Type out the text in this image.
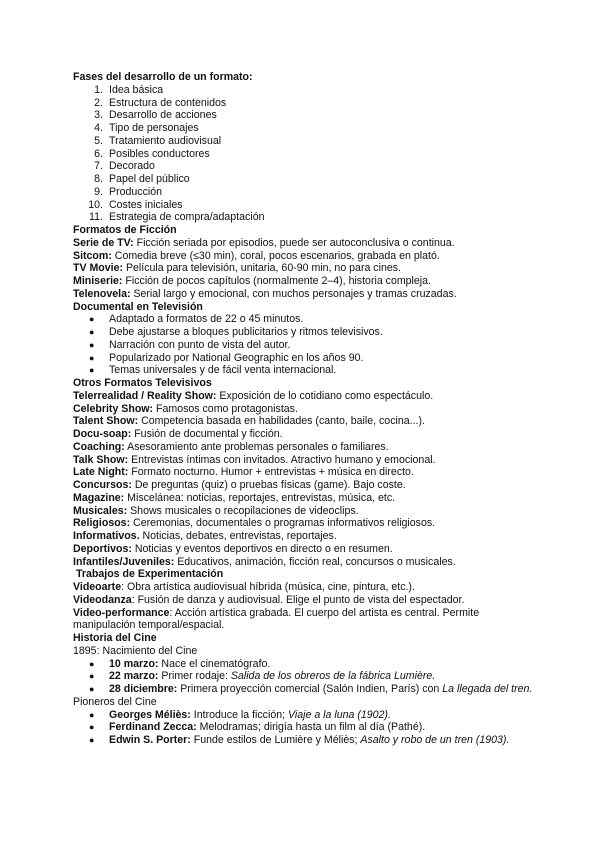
Fases del desarrollo de un formato:
1. Idea básica
2. Estructura de contenidos
3. Desarrollo de acciones
4. Tipo de personajes
5. Tratamiento audiovisual
6. Posibles conductores
7. Decorado
8. Papel del público
9. Producción
10. Costes iniciales
11. Estrategia de compra/adaptación
Formatos de Ficción
Serie de TV: Ficción seriada por episodios, puede ser autoconclusiva o continua.
Sitcom: Comedia breve (≤30 min), coral, pocos escenarios, grabada en plató.
TV Movie: Película para televisión, unitaria, 60-90 min, no para cines.
Miniserie: Ficción de pocos capítulos (normalmente 2–4), historia compleja.
Telenovela: Serial largo y emocional, con muchos personajes y tramas cruzadas.
Documental en Televisión
● Adaptado a formatos de 22 o 45 minutos.
● Debe ajustarse a bloques publicitarios y ritmos televisivos.
● Narración con punto de vista del autor.
● Popularizado por National Geographic en los años 90.
● Temas universales y de fácil venta internacional.
Otros Formatos Televisivos
Telerrealidad / Reality Show: Exposición de lo cotidiano como espectáculo.
Celebrity Show: Famosos como protagonistas.
Talent Show: Competencia basada en habilidades (canto, baile, cocina...).
Docu-soap: Fusión de documental y ficción.
Coaching: Asesoramiento ante problemas personales o familiares.
Talk Show: Entrevistas íntimas con invitados. Atractivo humano y emocional.
Late Night: Formato nocturno. Humor + entrevistas + música en directo.
Concursos: De preguntas (quiz) o pruebas físicas (game). Bajo coste.
Magazine: Miscelánea: noticias, reportajes, entrevistas, música, etc.
Musicales: Shows musicales o recopilaciones de videoclips.
Religiosos: Ceremonias, documentales o programas informativos religiosos.
Informativos. Noticias, debates, entrevistas, reportajes.
Deportivos: Noticias y eventos deportivos en directo o en resumen.
Infantiles/Juveniles: Educativos, animación, ficción real, concursos o musicales.
Trabajos de Experimentación
Videoarte: Obra artística audiovisual híbrida (música, cine, pintura, etc.).
Videodanza: Fusión de danza y audiovisual. Elige el punto de vista del espectador.
Video-performance: Acción artística grabada. El cuerpo del artista es central. Permite manipulación temporal/espacial.
Historia del Cine
1895: Nacimiento del Cine
● 10 marzo: Nace el cinematógrafo.
● 22 marzo: Primer rodaje: Salida de los obreros de la fábrica Lumière.
● 28 diciembre: Primera proyección comercial (Salón Indien, París) con La llegada del tren.
Pioneros del Cine
● Georges Méliès: Introduce la ficción; Viaje a la luna (1902).
● Ferdinand Zecca: Melodramas; dirigía hasta un film al día (Pathé).
● Edwin S. Porter: Funde estilos de Lumière y Méliès; Asalto y robo de un tren (1903).
